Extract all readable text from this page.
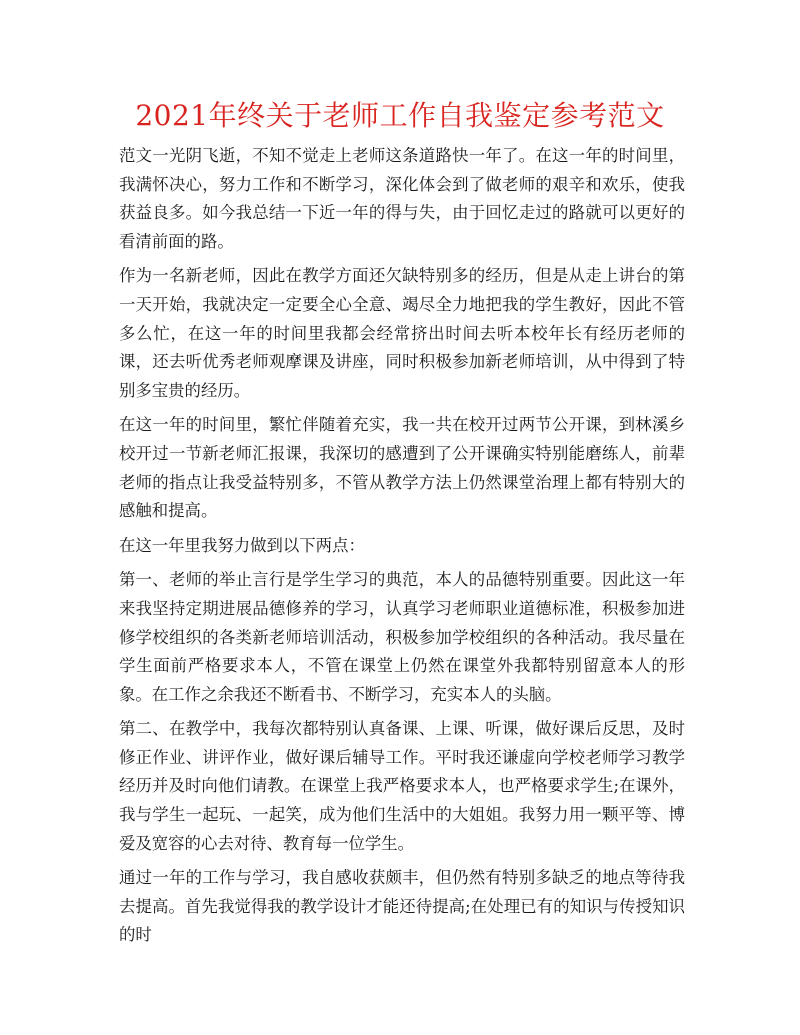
2021年终关于老师工作自我鉴定参考范文

范文一光阴飞逝，不知不觉走上老师这条道路快一年了。在这一年的时间里，我满怀决心，努力工作和不断学习，深化体会到了做老师的艰辛和欢乐，使我获益良多。如今我总结一下近一年的得与失，由于回忆走过的路就可以更好的看清前面的路。

作为一名新老师，因此在教学方面还欠缺特别多的经历，但是从走上讲台的第一天开始，我就决定一定要全心全意、竭尽全力地把我的学生教好，因此不管多么忙，在这一年的时间里我都会经常挤出时间去听本校年长有经历老师的课，还去听优秀老师观摩课及讲座，同时积极参加新老师培训，从中得到了特别多宝贵的经历。

在这一年的时间里，繁忙伴随着充实，我一共在校开过两节公开课，到林溪乡校开过一节新老师汇报课，我深切的感遭到了公开课确实特别能磨练人，前辈老师的指点让我受益特别多，不管从教学方法上仍然课堂治理上都有特别大的感触和提高。

在这一年里我努力做到以下两点：

第一、老师的举止言行是学生学习的典范，本人的品德特别重要。因此这一年来我坚持定期进展品德修养的学习，认真学习老师职业道德标准，积极参加进修学校组织的各类新老师培训活动，积极参加学校组织的各种活动。我尽量在学生面前严格要求本人，不管在课堂上仍然在课堂外我都特别留意本人的形象。在工作之余我还不断看书、不断学习，充实本人的头脑。

第二、在教学中，我每次都特别认真备课、上课、听课，做好课后反思，及时修正作业、讲评作业，做好课后辅导工作。平时我还谦虚向学校老师学习教学经历并及时向他们请教。在课堂上我严格要求本人，也严格要求学生;在课外，我与学生一起玩、一起笑，成为他们生活中的大姐姐。我努力用一颗平等、博爱及宽容的心去对待、教育每一位学生。

通过一年的工作与学习，我自感收获颇丰，但仍然有特别多缺乏的地点等待我去提高。首先我觉得我的教学设计才能还待提高;在处理已有的知识与传授知识的时
